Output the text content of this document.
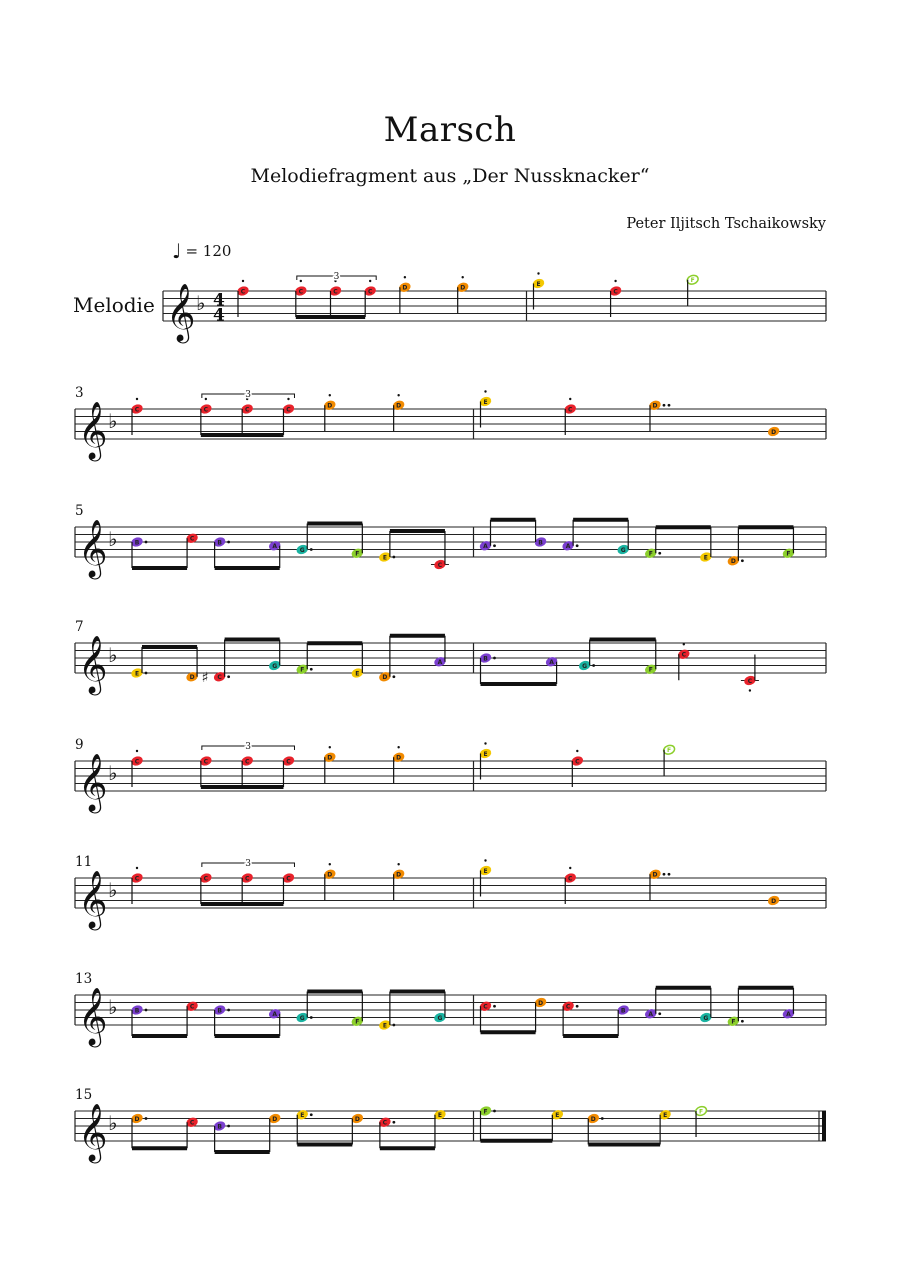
Marsch
Melodiefragment aus „Der Nussknacker“
Peter Iljitsch Tschaikowsky
♩ = 120
Melodie 𝄞 ♭ 4
4
C	C	C	C
D	D
3
E
C
F
3
𝄞 ♭	C	C	C	C
D	D
3
E
C
D
D
5
𝄞 ♭	B
C
B
A
G
F
E
C
A
B
A
G
F
E
D
F
7
𝄞 ♭
E
D	C
♯
G
F
E
D
A
B
A
G
F
C
C
9
𝄞 ♭	C	C	C	C
D	D
3
E
C
F
11
𝄞 ♭	C	C	C	C
D	D
3
E
C
D
D
13
𝄞 ♭	B
C
B
A
G
F
E
G
C
D
C
B
A
G
F
A
15
𝄞 ♭	D
C
B
D
E
D
C
E
F
E
D
E
F
